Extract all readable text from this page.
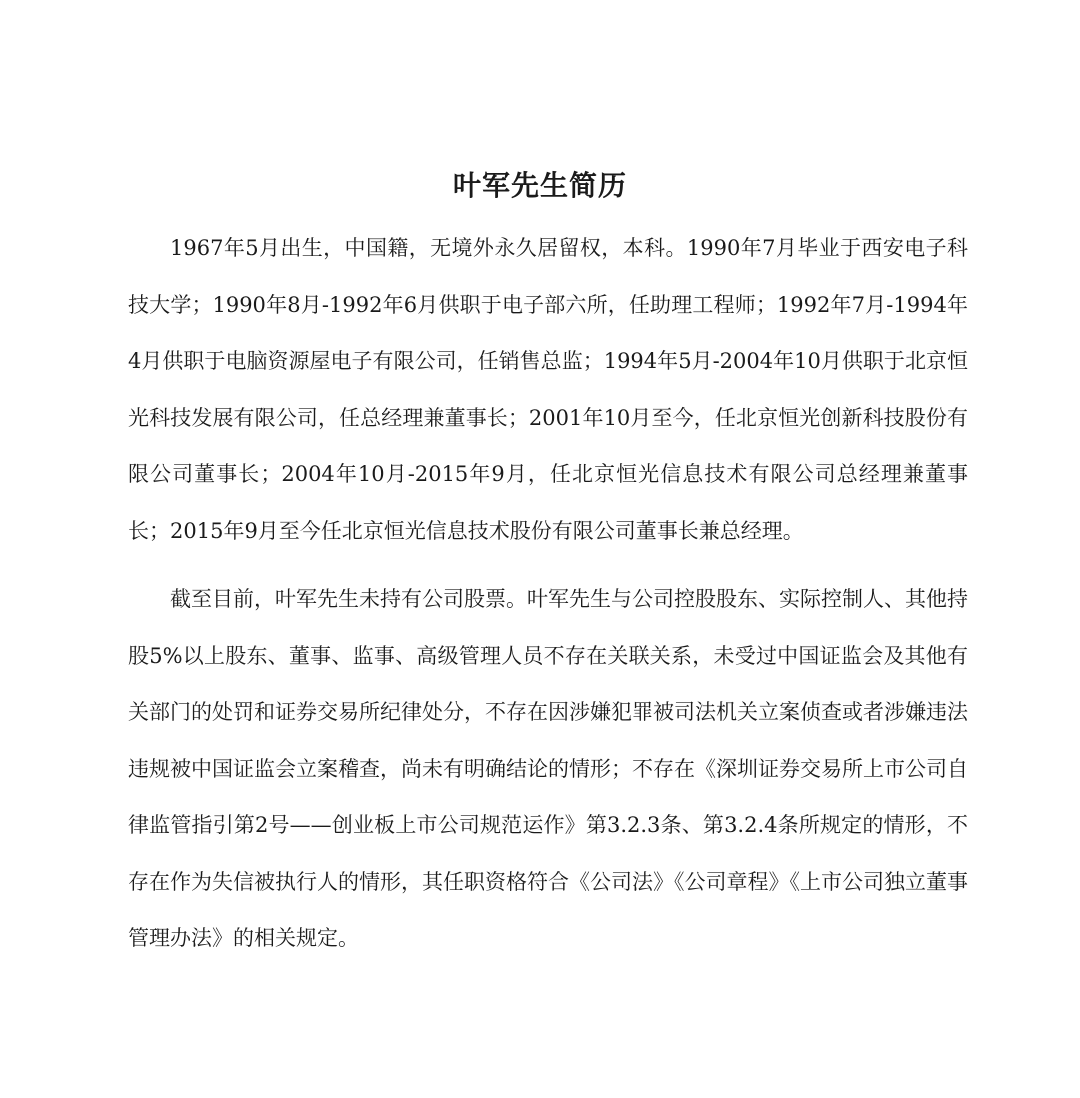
叶军先生简历

1967年5月出生，中国籍，无境外永久居留权，本科。1990年7月毕业于西安电子科技大学；1990年8月-1992年6月供职于电子部六所，任助理工程师；1992年7月-1994年4月供职于电脑资源屋电子有限公司，任销售总监；1994年5月-2004年10月供职于北京恒光科技发展有限公司，任总经理兼董事长；2001年10月至今，任北京恒光创新科技股份有限公司董事长；2004年10月-2015年9月，任北京恒光信息技术有限公司总经理兼董事长；2015年9月至今任北京恒光信息技术股份有限公司董事长兼总经理。

截至目前，叶军先生未持有公司股票。叶军先生与公司控股股东、实际控制人、其他持股5%以上股东、董事、监事、高级管理人员不存在关联关系，未受过中国证监会及其他有关部门的处罚和证券交易所纪律处分，不存在因涉嫌犯罪被司法机关立案侦查或者涉嫌违法违规被中国证监会立案稽查，尚未有明确结论的情形；不存在《深圳证券交易所上市公司自律监管指引第2号——创业板上市公司规范运作》第3.2.3条、第3.2.4条所规定的情形，不存在作为失信被执行人的情形，其任职资格符合《公司法》《公司章程》《上市公司独立董事管理办法》的相关规定。
